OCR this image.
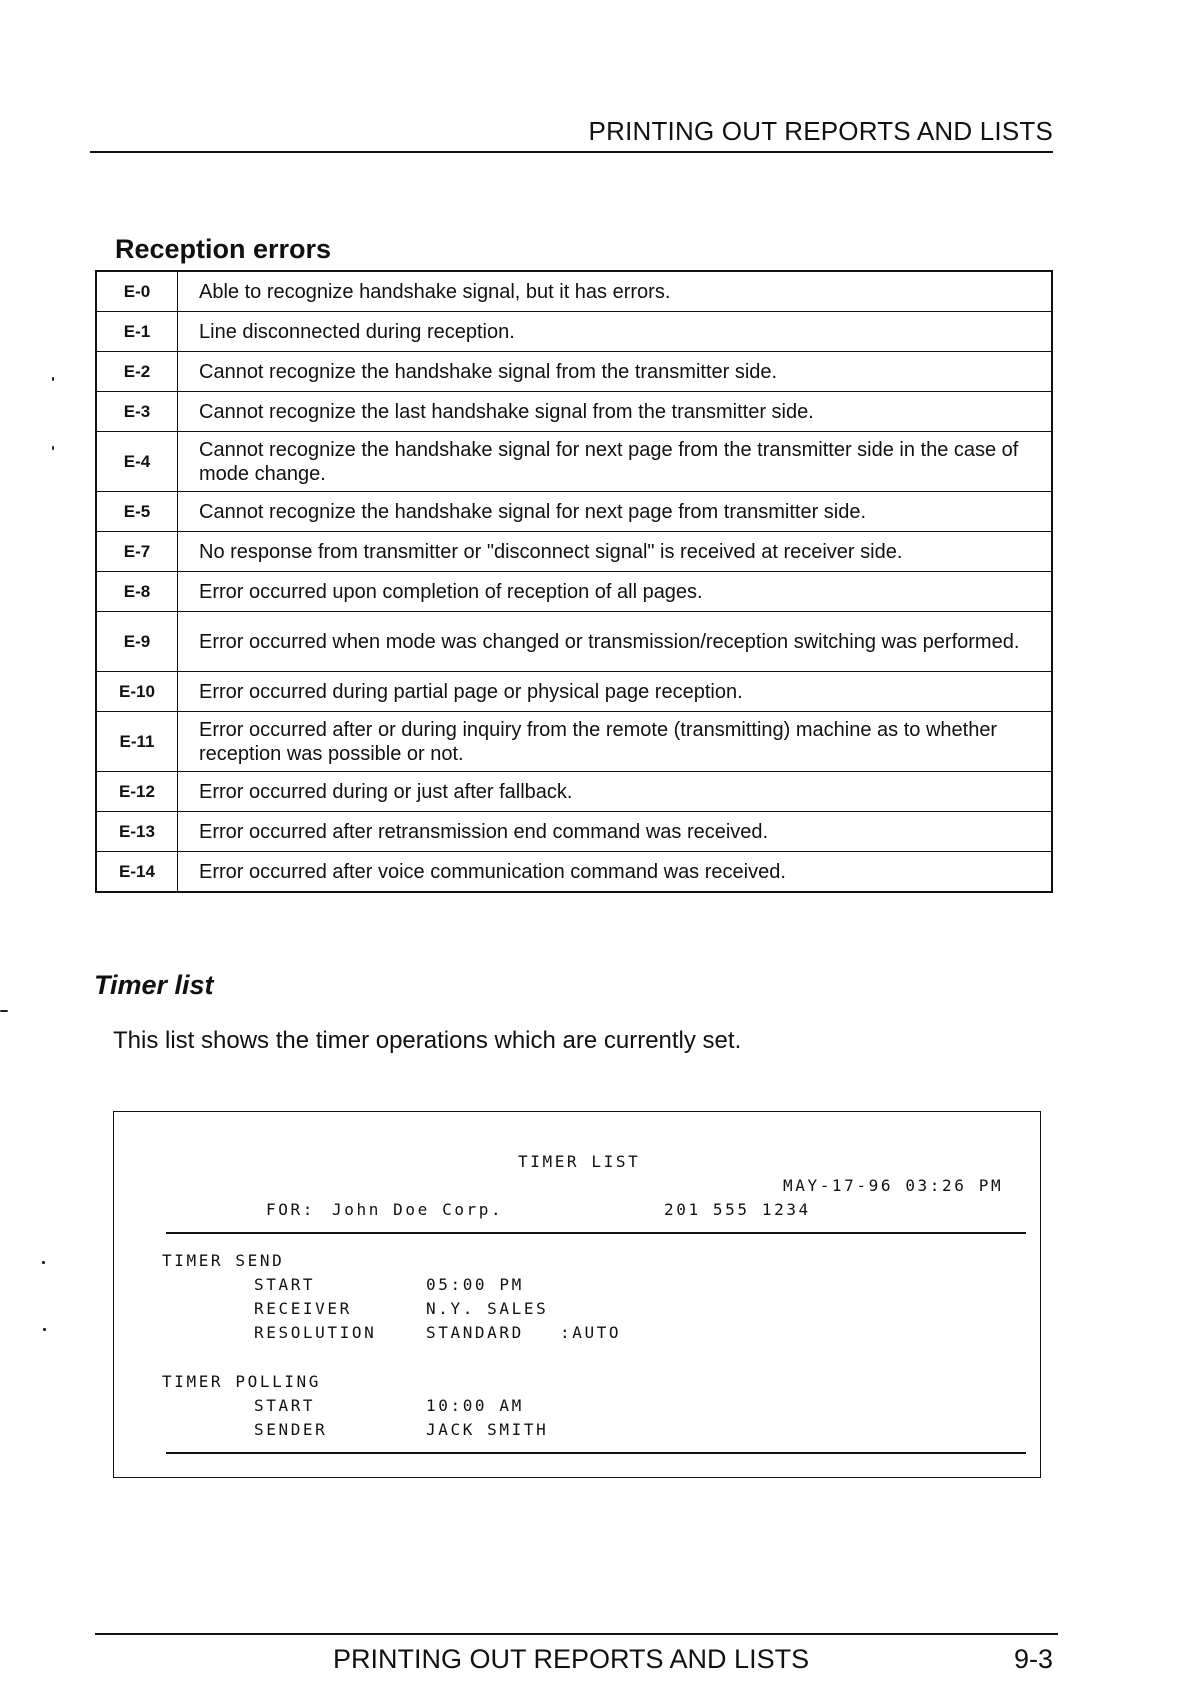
PRINTING OUT REPORTS AND LISTS
Reception errors
E-0	Able to recognize handshake signal, but it has errors.
E-1	Line disconnected during reception.
E-2	Cannot recognize the handshake signal from the transmitter side.
E-3	Cannot recognize the last handshake signal from the transmitter side.
E-4	Cannot recognize the handshake signal for next page from the transmitter side in the case of mode change.
E-5	Cannot recognize the handshake signal for next page from transmitter side.
E-7	No response from transmitter or "disconnect signal" is received at receiver side.
E-8	Error occurred upon completion of reception of all pages.
E-9	Error occurred when mode was changed or transmission/reception switching was performed.
E-10	Error occurred during partial page or physical page reception.
E-11	Error occurred after or during inquiry from the remote (transmitting) machine as to whether reception was possible or not.
E-12	Error occurred during or just after fallback.
E-13	Error occurred after retransmission end command was received.
E-14	Error occurred after voice communication command was received.
Timer list
This list shows the timer operations which are currently set.
TIMER LIST
MAY-17-96 03:26 PM
FOR: John Doe Corp.	201 555 1234
TIMER SEND
START	05:00 PM
RECEIVER	N.Y. SALES
RESOLUTION	STANDARD :AUTO
TIMER POLLING
START	10:00 AM
SENDER	JACK SMITH
PRINTING OUT REPORTS AND LISTS	9-3
